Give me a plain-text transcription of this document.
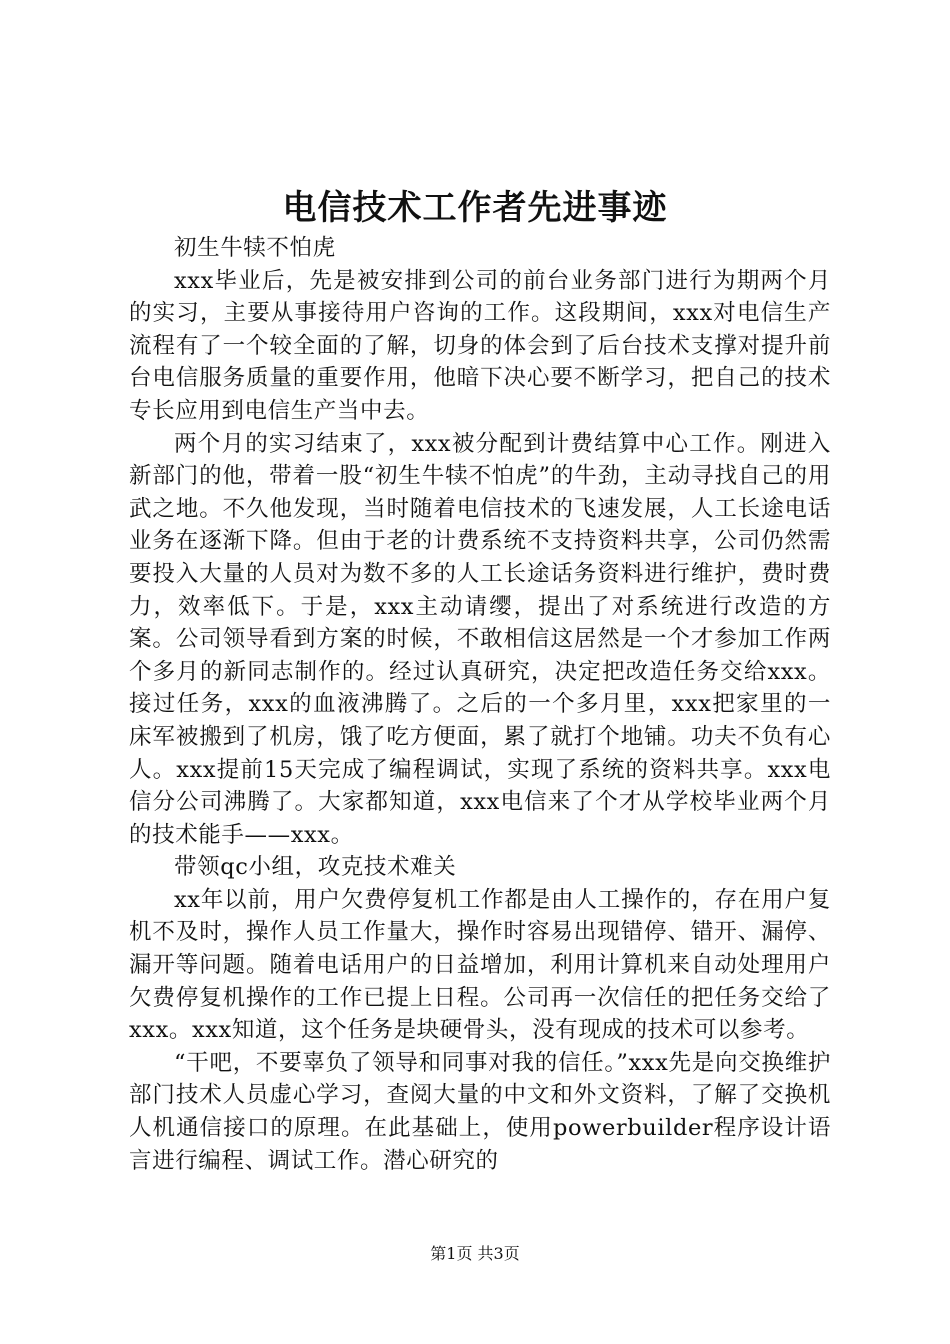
电信技术工作者先进事迹

初生牛犊不怕虎

xxx毕业后，先是被安排到公司的前台业务部门进行为期两个月的实习，主要从事接待用户咨询的工作。这段期间，xxx对电信生产流程有了一个较全面的了解，切身的体会到了后台技术支撑对提升前台电信服务质量的重要作用，他暗下决心要不断学习，把自己的技术专长应用到电信生产当中去。

两个月的实习结束了，xxx被分配到计费结算中心工作。刚进入新部门的他，带着一股“初生牛犊不怕虎”的牛劲，主动寻找自己的用武之地。不久他发现，当时随着电信技术的飞速发展，人工长途电话业务在逐渐下降。但由于老的计费系统不支持资料共享，公司仍然需要投入大量的人员对为数不多的人工长途话务资料进行维护，费时费力，效率低下。于是，xxx主动请缨，提出了对系统进行改造的方案。公司领导看到方案的时候，不敢相信这居然是一个才参加工作两个多月的新同志制作的。经过认真研究，决定把改造任务交给xxx。接过任务，xxx的血液沸腾了。之后的一个多月里，xxx把家里的一床军被搬到了机房，饿了吃方便面，累了就打个地铺。功夫不负有心人。xxx提前15天完成了编程调试，实现了系统的资料共享。xxx电信分公司沸腾了。大家都知道，xxx电信来了个才从学校毕业两个月的技术能手——xxx。

带领qc小组，攻克技术难关

xx年以前，用户欠费停复机工作都是由人工操作的，存在用户复机不及时，操作人员工作量大，操作时容易出现错停、错开、漏停、漏开等问题。随着电话用户的日益增加，利用计算机来自动处理用户欠费停复机操作的工作已提上日程。公司再一次信任的把任务交给了xxx。xxx知道，这个任务是块硬骨头，没有现成的技术可以参考。

“干吧，不要辜负了领导和同事对我的信任。”xxx先是向交换维护部门技术人员虚心学习，查阅大量的中文和外文资料，了解了交换机人机通信接口的原理。在此基础上，使用powerbuilder程序设计语言进行编程、调试工作。潜心研究的

第1页 共3页
